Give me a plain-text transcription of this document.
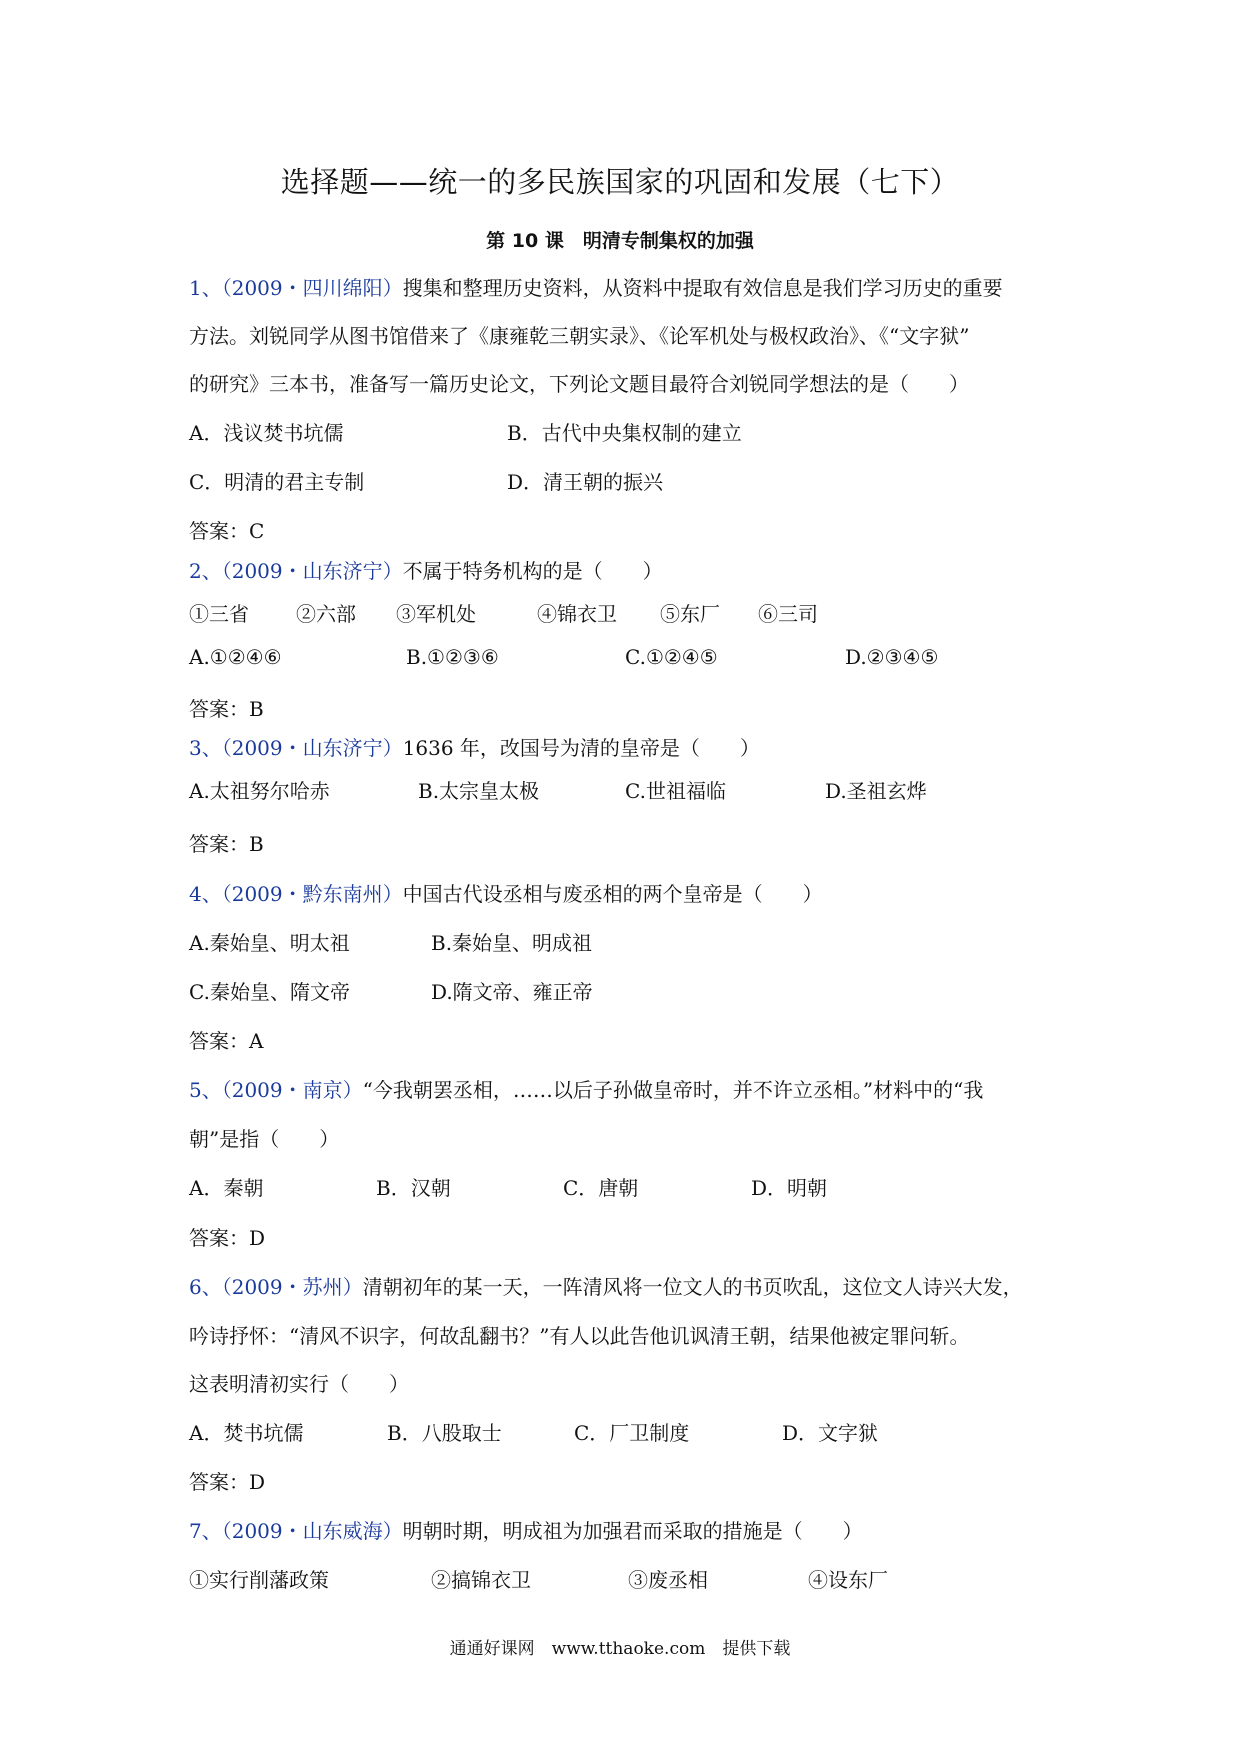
选择题——统一的多民族国家的巩固和发展（七下）
第 10 课　明清专制集权的加强
1、（2009・四川绵阳）搜集和整理历史资料，从资料中提取有效信息是我们学习历史的重要
方法。刘锐同学从图书馆借来了《康雍乾三朝实录》、《论军机处与极权政治》、《“文字狱”
的研究》三本书，准备写一篇历史论文，下列论文题目最符合刘锐同学想法的是（　　）
A．浅议焚书坑儒	B．古代中央集权制的建立
C．明清的君主专制	D．清王朝的振兴
答案：C
2、（2009・山东济宁）不属于特务机构的是（　　）
①三省 ②六部 ③军机处	④锦衣卫 ⑤东厂 ⑥三司
A.①②④⑥	B.①②③⑥	C.①②④⑤	D.②③④⑤
答案：B
3、（2009・山东济宁）1636 年，改国号为清的皇帝是（　　）
A.太祖努尔哈赤	B.太宗皇太极	C.世祖福临	D.圣祖玄烨
答案：B
4、（2009・黔东南州）中国古代设丞相与废丞相的两个皇帝是（　　）
A.秦始皇、明太祖	B.秦始皇、明成祖
C.秦始皇、隋文帝	D.隋文帝、雍正帝
答案：A
5、（2009・南京）“今我朝罢丞相，……以后子孙做皇帝时，并不许立丞相。”材料中的“我
朝”是指（　　）
A．秦朝	B．汉朝	C．唐朝	D．明朝
答案：D
6、（2009・苏州）清朝初年的某一天，一阵清风将一位文人的书页吹乱，这位文人诗兴大发，
吟诗抒怀：“清风不识字，何故乱翻书？”有人以此告他讥讽清王朝，结果他被定罪问斩。
这表明清初实行（　　）
A．焚书坑儒	B．八股取士	C．厂卫制度	D．文字狱
答案：D
7、（2009・山东威海）明朝时期，明成祖为加强君而采取的措施是（　　）
①实行削藩政策	②搞锦衣卫	③废丞相	④设东厂
通通好课网　www.tthaoke.com　提供下载
